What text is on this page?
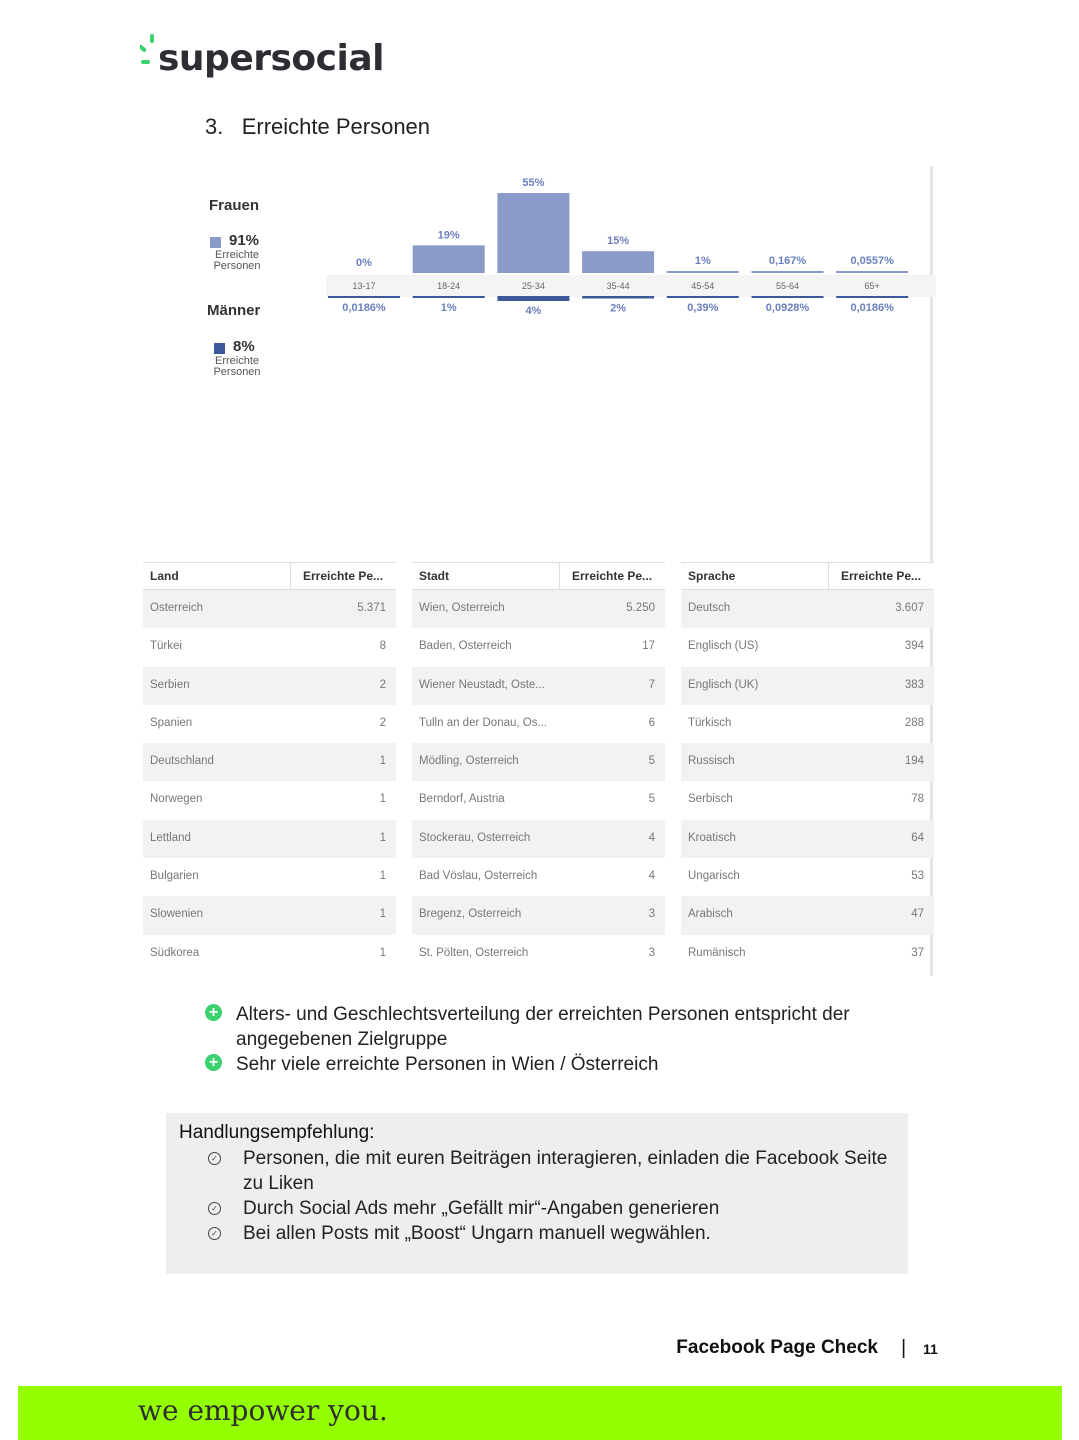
supersocial
3. Erreichte Personen
Frauen
91%
Erreichte Personen
Männer
8%
Erreichte Personen
0%
13-17
0,0186%
19%
18-24
1%
55%
25-34
4%
15%
35-44
2%
1%
45-54
0,39%
0,167%
55-64
0,0928%
0,0557%
65+
0,0186%
Land	Erreichte Pe...
Österreich	5.371
Türkei	8
Serbien	2
Spanien	2
Deutschland	1
Norwegen	1
Lettland	1
Bulgarien	1
Slowenien	1
Südkorea	1
Stadt	Erreichte Pe...
Wien, Österreich	5.250
Baden, Österreich	17
Wiener Neustadt, Öste...	7
Tulln an der Donau, Ös...	6
Mödling, Österreich	5
Berndorf, Austria	5
Stockerau, Österreich	4
Bad Vöslau, Österreich	4
Bregenz, Österreich	3
St. Pölten, Österreich	3
Sprache	Erreichte Pe...
Deutsch	3.607
Englisch (US)	394
Englisch (UK)	383
Türkisch	288
Russisch	194
Serbisch	78
Kroatisch	64
Ungarisch	53
Arabisch	47
Rumänisch	37
+ Alters- und Geschlechtsverteilung der erreichten Personen entspricht der angegebenen Zielgruppe
+ Sehr viele erreichte Personen in Wien / Österreich
Handlungsempfehlung:
✓ Personen, die mit euren Beiträgen interagieren, einladen die Facebook Seite zu Liken
✓ Durch Social Ads mehr „Gefällt mir“-Angaben generieren
✓ Bei allen Posts mit „Boost“ Ungarn manuell wegwählen.
Facebook Page Check | 11
we empower you.
